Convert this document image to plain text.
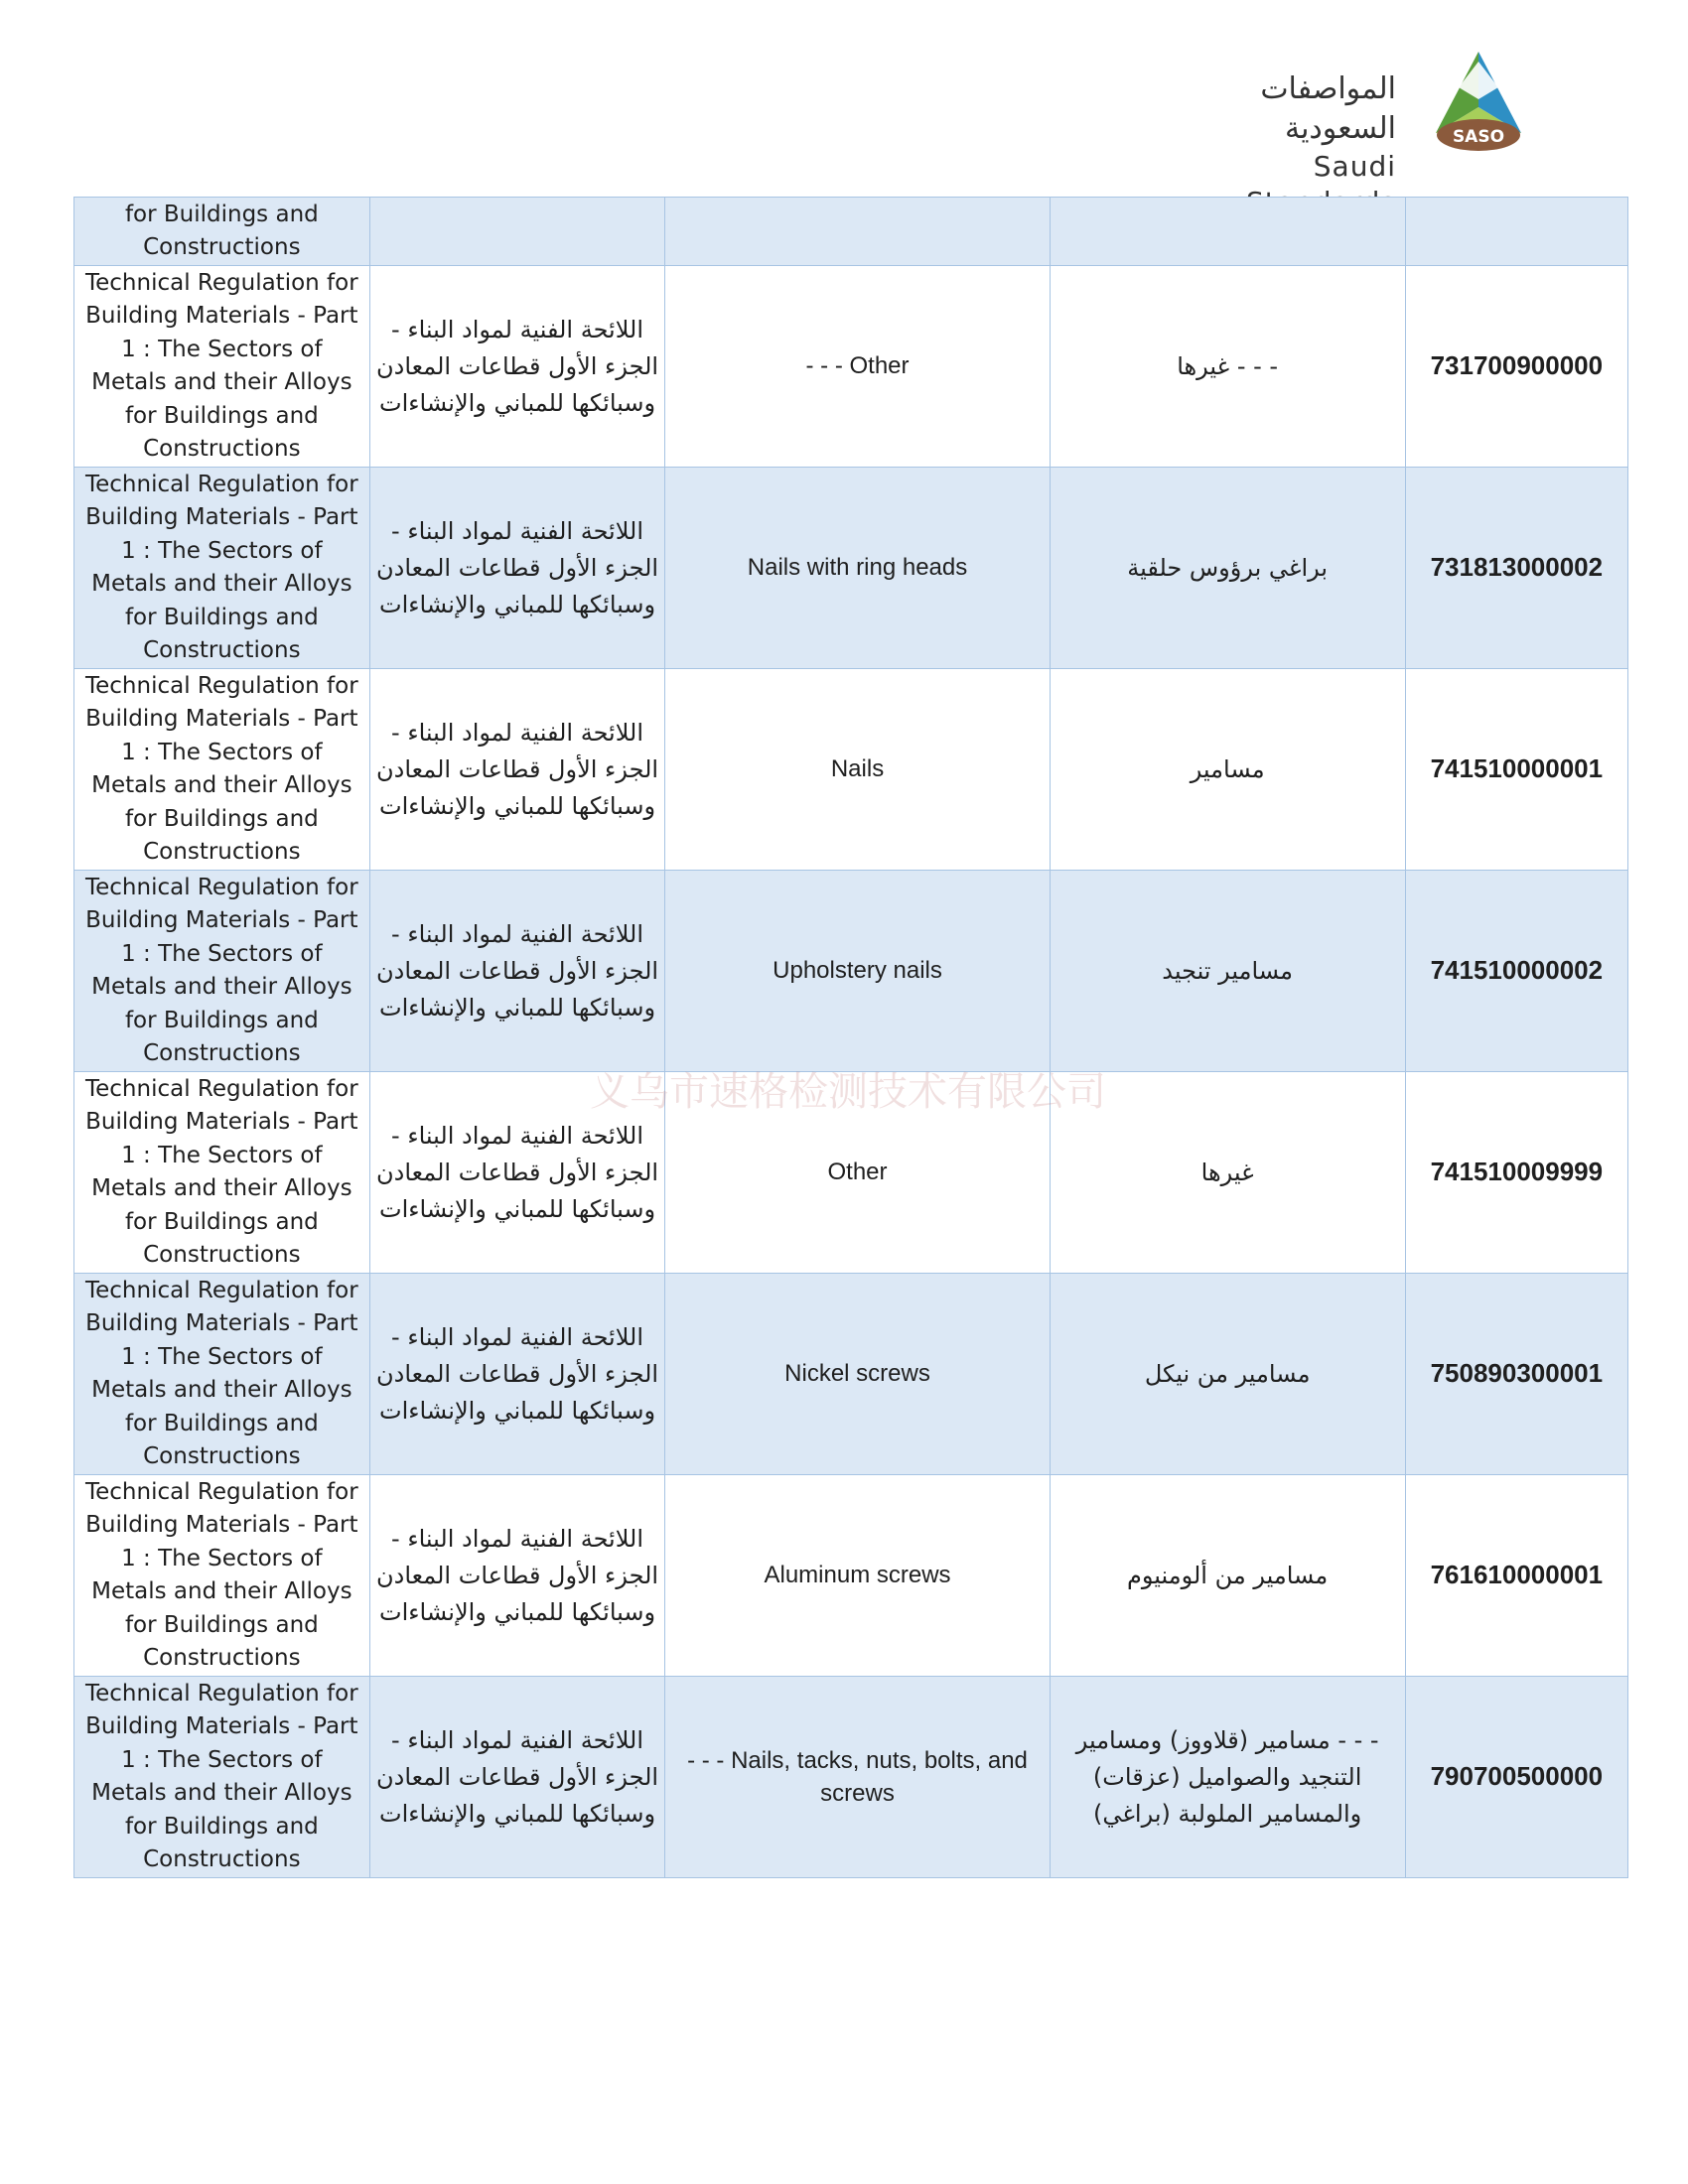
المواصفات السعودية
Saudi
SASO
for Buildings and Constructions				
Technical Regulation for Building Materials - Part 1 : The Sectors of Metals and their Alloys for Buildings and Constructions	اللائحة الفنية لمواد البناء - الجزء الأول قطاعات المعادن وسبائكها للمباني والإنشاءات	- - - Other	- - - غيرها	731700900000
Technical Regulation for Building Materials - Part 1 : The Sectors of Metals and their Alloys for Buildings and Constructions	اللائحة الفنية لمواد البناء - الجزء الأول قطاعات المعادن وسبائكها للمباني والإنشاءات	Nails with ring heads	براغي برؤوس حلقية	731813000002
Technical Regulation for Building Materials - Part 1 : The Sectors of Metals and their Alloys for Buildings and Constructions	اللائحة الفنية لمواد البناء - الجزء الأول قطاعات المعادن وسبائكها للمباني والإنشاءات	Nails	مسامير	741510000001
Technical Regulation for Building Materials - Part 1 : The Sectors of Metals and their Alloys for Buildings and Constructions	اللائحة الفنية لمواد البناء - الجزء الأول قطاعات المعادن وسبائكها للمباني والإنشاءات	Upholstery nails	مسامير تنجيد	741510000002
Technical Regulation for Building Materials - Part 1 : The Sectors of Metals and their Alloys for Buildings and Constructions	اللائحة الفنية لمواد البناء - الجزء الأول قطاعات المعادن وسبائكها للمباني والإنشاءات	Other	غيرها	741510009999
Technical Regulation for Building Materials - Part 1 : The Sectors of Metals and their Alloys for Buildings and Constructions	اللائحة الفنية لمواد البناء - الجزء الأول قطاعات المعادن وسبائكها للمباني والإنشاءات	Nickel screws	مسامير من نيكل	750890300001
Technical Regulation for Building Materials - Part 1 : The Sectors of Metals and their Alloys for Buildings and Constructions	اللائحة الفنية لمواد البناء - الجزء الأول قطاعات المعادن وسبائكها للمباني والإنشاءات	Aluminum screws	مسامير من ألومنيوم	761610000001
Technical Regulation for Building Materials - Part 1 : The Sectors of Metals and their Alloys for Buildings and Constructions	اللائحة الفنية لمواد البناء - الجزء الأول قطاعات المعادن وسبائكها للمباني والإنشاءات	- - - Nails, tacks, nuts, bolts, and screws	- - - مسامير (قلاووز) ومسامير التنجيد والصواميل (عزقات) والمسامير الملولبة (براغي)	790700500000
义乌市速格检测技术有限公司
